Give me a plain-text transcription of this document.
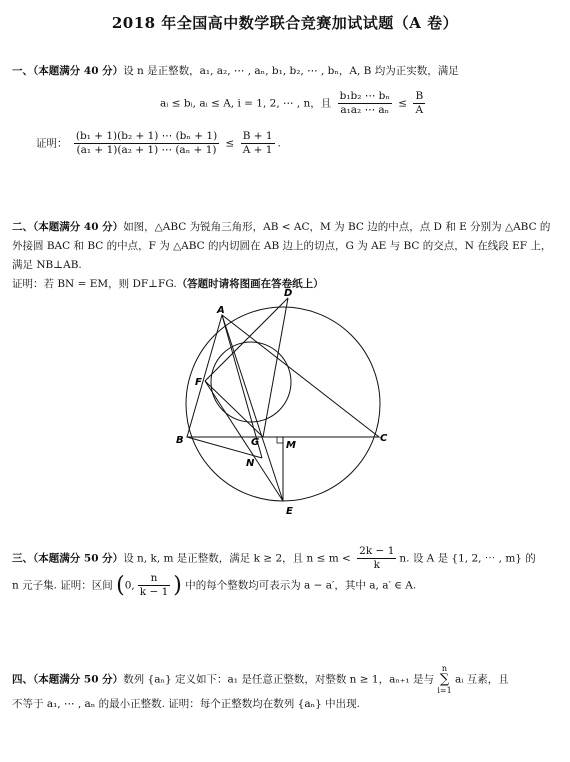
2018 年全国高中数学联合竞赛加试试题（A 卷）
一、（本题满分 40 分）设 n 是正整数，a₁, a₂, ⋯ , aₙ, b₁, b₂, ⋯ , bₙ，A, B 均为正实数，满足
aᵢ ≤ bᵢ, aᵢ ≤ A, i = 1, 2, ⋯ , n，且 $\frac{\text{b₁b₂ ⋯ bₙ}}{\text{a₁a₂ ⋯ aₙ}} \le \frac{B}{A}$
证明： $\frac{\text{(b₁ + 1)(b₂ + 1) ⋯ (bₙ + 1)}}{\text{(a₁ + 1)(a₂ + 1) ⋯ (aₙ + 1)}} \le \frac{B + 1}{A + 1}$ .
二、（本题满分 40 分）如图，△ABC 为锐角三角形，AB < AC，M 为 BC 边的中点，点 D 和 E 分别为 △ABC 的外接圆 BAC 和 BC 的中点，F 为 △ABC 的内切圆在 AB 边上的切点，G 为 AE 与 BC 的交点，N 在线段 EF 上，满足 NB⊥AB.
证明：若 BN = EM，则 DF⊥FG.（答题时请将图画在答卷纸上）
D
A
F
B	C
G	M
N
E
三、（本题满分 50 分）设 n, k, m 是正整数，满足 k ≥ 2，且 $n \le m < \frac{2k - 1}{k} n$. 设 A 是 {1, 2, ⋯ , m} 的
n 元子集. 证明：区间 (0, $\frac{n}{k - 1}$ ) 中的每个整数均可表示为 a − a′，其中 a, a′ ∈ A.
四、（本题满分 50 分）数列 {aₙ} 定义如下：a₁ 是任意正整数，对整数 n ≥ 1，aₙ₊₁ 是与
n
∑
i=1
aᵢ 互素，且
不等于 a₁, ⋯ , aₙ 的最小正整数. 证明：每个正整数均在数列 {aₙ} 中出现.
